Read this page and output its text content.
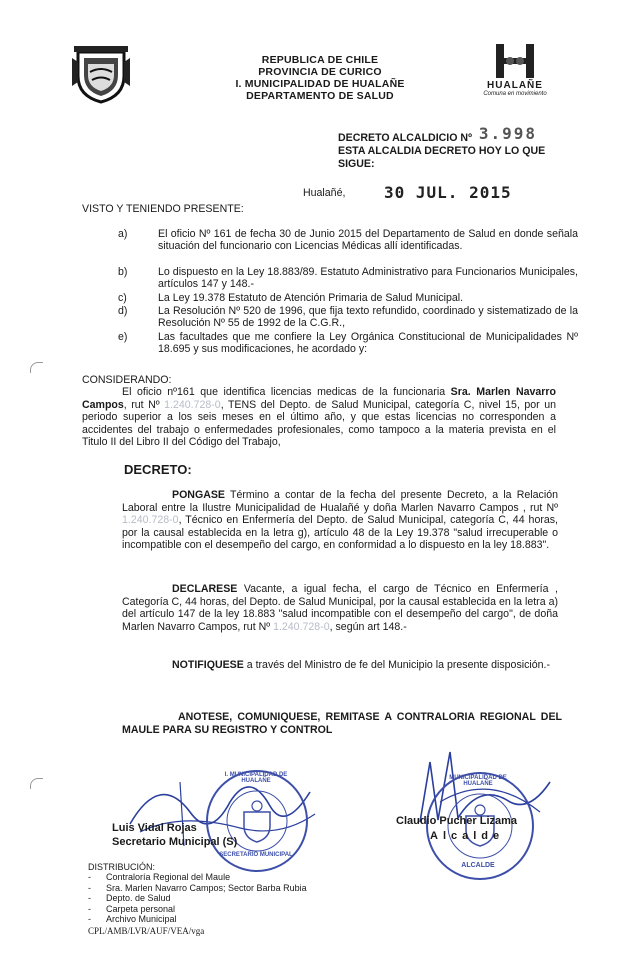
REPUBLICA DE CHILE
PROVINCIA DE CURICO
I. MUNICIPALIDAD DE HUALAÑE
DEPARTAMENTO DE SALUD
HUALAÑE
Comuna en movimiento
DECRETO ALCALDICIO Nº 3.998
ESTA ALCALDIA DECRETO HOY LO QUE
SIGUE:
Hualañé, 30 JUL. 2015
VISTO Y TENIENDO PRESENTE:
a)	El oficio Nº 161 de fecha 30 de Junio 2015 del Departamento de Salud en donde señala situación del funcionario con Licencias Médicas allí identificadas.
b)	Lo dispuesto en la Ley 18.883/89. Estatuto Administrativo para Funcionarios Municipales, artículos 147 y 148.-
c)	La Ley 19.378 Estatuto de Atención Primaria de Salud Municipal.
d)	La Resolución Nº 520 de 1996, que fija texto refundido, coordinado y sistematizado de la Resolución Nº 55 de 1992 de la C.G.R.,
e)	Las facultades que me confiere la Ley Orgánica Constitucional de Municipalidades Nº 18.695 y sus modificaciones, he acordado y:
CONSIDERANDO:
El oficio nº161 que identifica licencias medicas de la funcionaria Sra. Marlen Navarro Campos, rut Nº 1.240.728-0, TENS del Depto. de Salud Municipal, categoría C, nivel 15, por un periodo superior a los seis meses en el último año, y que estas licencias no corresponden a accidentes del trabajo o enfermedades profesionales, como tampoco a la materia prevista en el Titulo II del Libro II del Código del Trabajo,
DECRETO:
PONGASE Término a contar de la fecha del presente Decreto, a la Relación Laboral entre la Ilustre Municipalidad de Hualañé y doña Marlen Navarro Campos , rut Nº 1.240.728-0, Técnico en Enfermería del Depto. de Salud Municipal, categoría C, 44 horas, por la causal establecida en la letra g), artículo 48 de la Ley 19.378 "salud irrecuperable o incompatible con el desempeño del cargo, en conformidad a lo dispuesto en la ley 18.883".
DECLARESE Vacante, a igual fecha, el cargo de Técnico en Enfermería , Categoría C, 44 horas, del Depto. de Salud Municipal, por la causal establecida en la letra a) del artículo 147 de la ley 18.883 "salud incompatible con el desempeño del cargo", de doña Marlen Navarro Campos, rut Nº 1.240.728-0, según art 148.-
NOTIFIQUESE a través del Ministro de fe del Municipio la presente disposición.-
ANOTESE, COMUNIQUESE, REMITASE A CONTRALORIA REGIONAL DEL MAULE PARA SU REGISTRO Y CONTROL
I. MUNICIPALIDAD DE HUALAÑE
SECRETARIO MUNICIPAL
Luis Vidal Rojas
Secretario Municipal (S)
MUNICIPALIDAD DE HUALAÑE
ALCALDE
Claudio Pucher Lizama
Alcalde
DISTRIBUCIÓN:
- Contraloría Regional del Maule
- Sra. Marlen Navarro Campos; Sector Barba Rubia
- Depto. de Salud
- Carpeta personal
- Archivo Municipal
CPL/AMB/LVR/AUF/VEA/vga
